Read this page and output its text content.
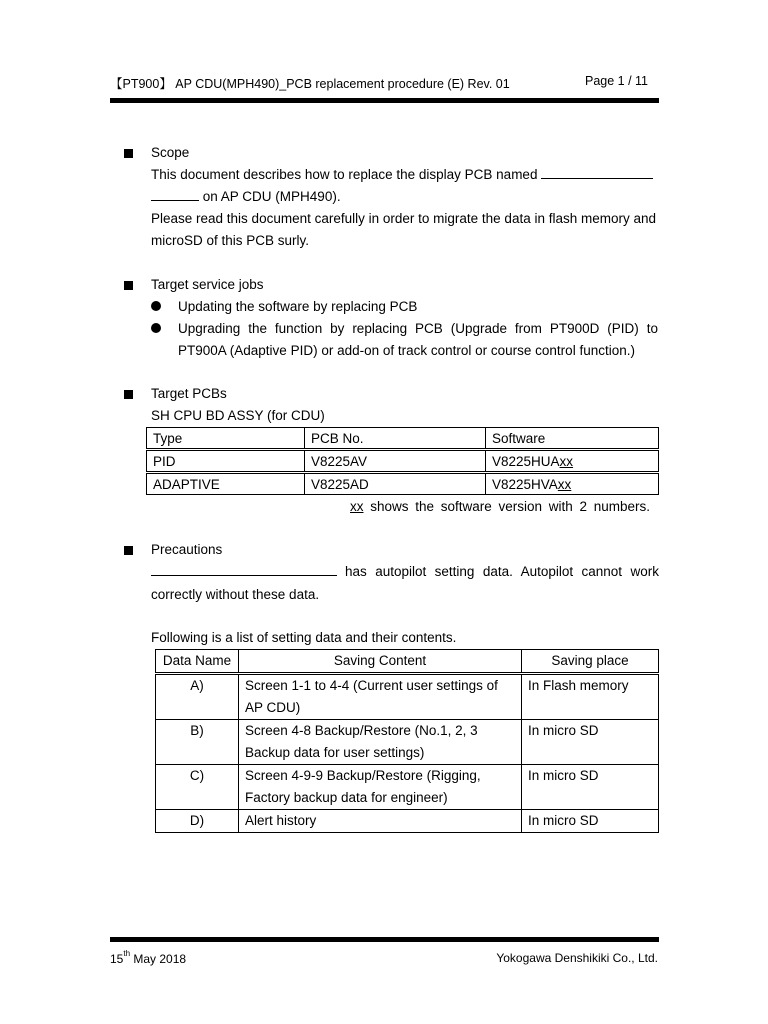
【PT900】 AP CDU(MPH490)_PCB replacement procedure (E) Rev. 01	Page 1 / 11
Scope
This document describes how to replace the display PCB named
on AP CDU (MPH490).
Please read this document carefully in order to migrate the data in flash memory and
microSD of this PCB surly.
Target service jobs
Updating the software by replacing PCB
Upgrading the function by replacing PCB (Upgrade from PT900D (PID) to
PT900A (Adaptive PID) or add-on of track control or course control function.)
Target PCBs
SH CPU BD ASSY (for CDU)
Type	PCB No.	Software
PID	V8225AV	V8225HUAxx
ADAPTIVE	V8225AD	V8225HVAxx
xx shows the software version with 2 numbers.
Precautions
has autopilot setting data. Autopilot cannot work
correctly without these data.
Following is a list of setting data and their contents.
Data Name	Saving Content	Saving place
A)	Screen 1-1 to 4-4 (Current user settings of
AP CDU)	In Flash memory
B)	Screen 4-8 Backup/Restore (No.1, 2, 3
Backup data for user settings)	In micro SD
C)	Screen 4-9-9 Backup/Restore (Rigging,
Factory backup data for engineer)	In micro SD
D)	Alert history	In micro SD
15th May 2018	Yokogawa Denshikiki Co., Ltd.
